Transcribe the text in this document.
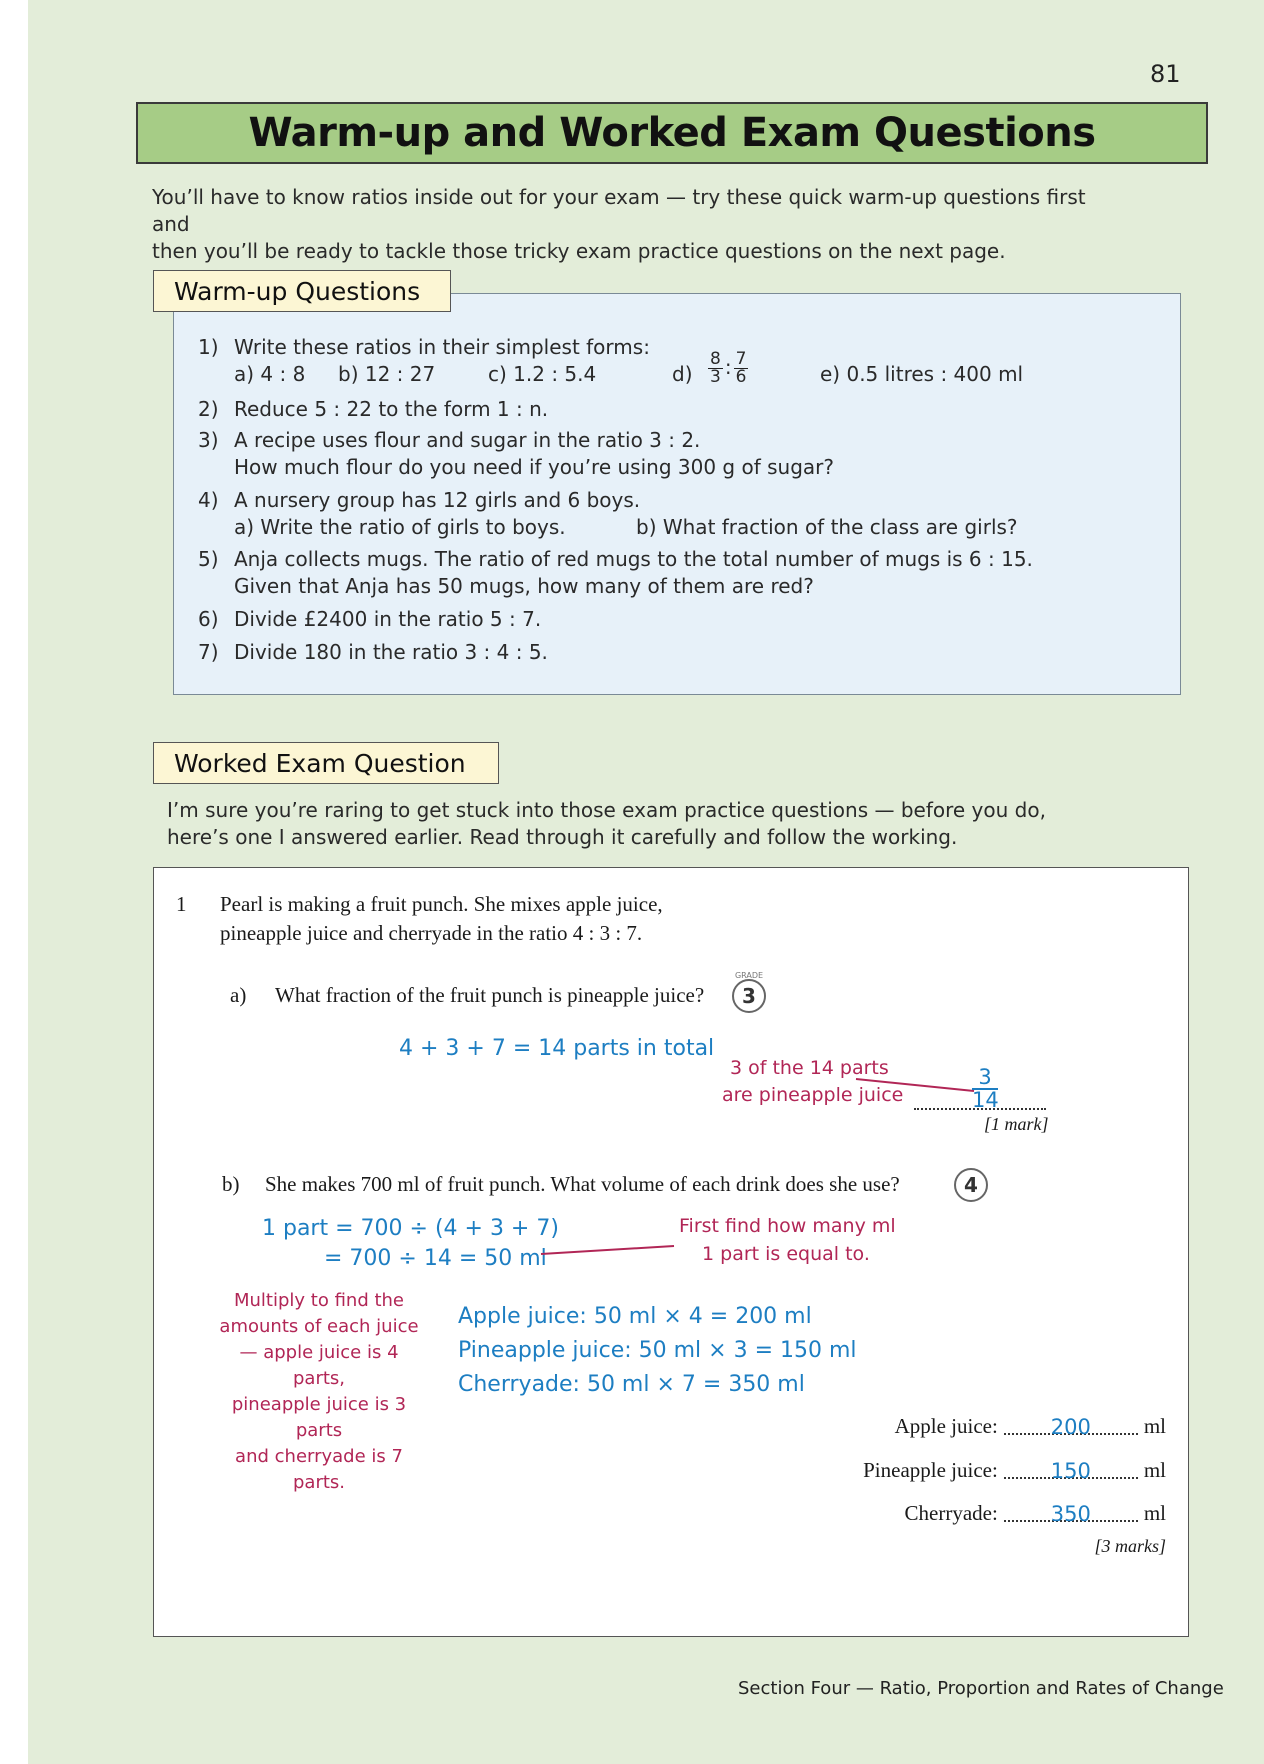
81
Warm-up and Worked Exam Questions

You’ll have to know ratios inside out for your exam — try these quick warm-up questions first and

then you’ll be ready to tackle those tricky exam practice questions on the next page.

Warm-up Questions
1) Write these ratios in their simplest forms:
a) 4 : 8 b) 12 : 27	c) 1.2 : 5.4	$d) \frac{8}{3}$ : $\frac{7}{6}$	e) 0.5 litres : 400 ml
2) Reduce 5 : 22 to the form 1 : n.
3) A recipe uses flour and sugar in the ratio 3 : 2.
How much flour do you need if you’re using 300 g of sugar?
4) A nursery group has 12 girls and 6 boys.
a) Write the ratio of girls to boys.	b) What fraction of the class are girls?
5) Anja collects mugs. The ratio of red mugs to the total number of mugs is 6 : 15.
Given that Anja has 50 mugs, how many of them are red?
6) Divide £2400 in the ratio 5 : 7.
7) Divide 180 in the ratio 3 : 4 : 5.
Worked Exam Question

I’m sure you’re raring to get stuck into those exam practice questions — before you do,

here’s one I answered earlier. Read through it carefully and follow the working.

1 Pearl is making a fruit punch. She mixes apple juice,
pineapple juice and cherryade in the ratio 4 : 3 : 7.
a) What fraction of the fruit punch is pineapple juice? 3
GRADE
4 + 3 + 7 = 14 parts in total
3 of the 14 parts
are pineapple juice	$\frac{3}{14}$
[1 mark]
b) She makes 700 ml of fruit punch. What volume of each drink does she use?	4
1 part = 700 ÷ (4 + 3 + 7)
= 700 ÷ 14 = 50 ml
First find how many ml
1 part is equal to.
Multiply to find the
amounts of each juice
— apple juice is 4 parts,
pineapple juice is 3 parts
and cherryade is 7 parts.
Apple juice: 50 ml × 4 = 200 ml
Pineapple juice: 50 ml × 3 = 150 ml
Cherryade: 50 ml × 7 = 350 ml
Apple juice:	200	ml
Pineapple juice:	150	ml
Cherryade:	350	ml
[3 marks]
Section Four — Ratio, Proportion and Rates of Change
